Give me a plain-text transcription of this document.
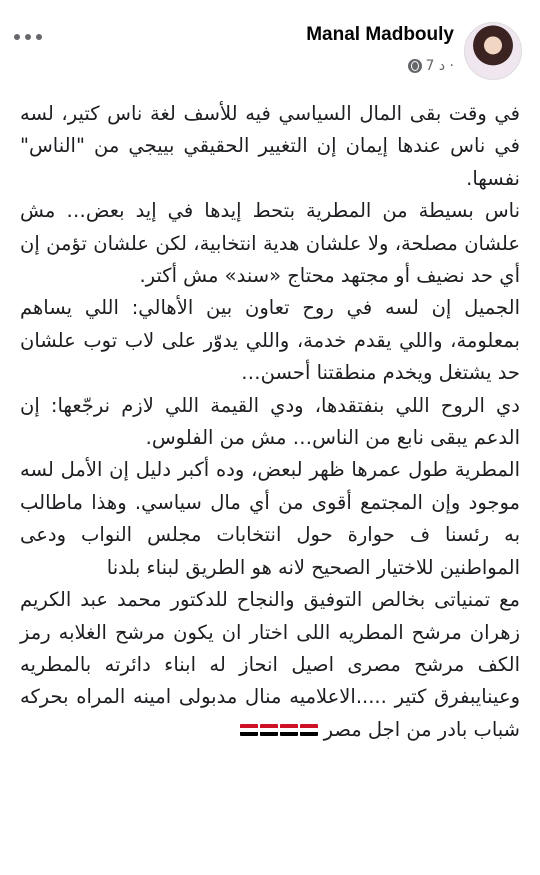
Manal Madbouly
7 د ·

في وقت بقى المال السياسي فيه للأسف لغة ناس كتير، لسه في ناس عندها إيمان إن التغيير الحقيقي بييجي من "الناس" نفسها.

ناس بسيطة من المطرية بتحط إيدها في إيد بعض… مش علشان مصلحة، ولا علشان هدية انتخابية، لكن علشان تؤمن إن أي حد نضيف أو مجتهد محتاج «سند» مش أكتر.

الجميل إن لسه في روح تعاون بين الأهالي: اللي يساهم بمعلومة، واللي يقدم خدمة، واللي يدوّر على لاب توب علشان حد يشتغل ويخدم منطقتنا أحسن…

دي الروح اللي بنفتقدها، ودي القيمة اللي لازم نرجّعها: إن الدعم يبقى نابع من الناس… مش من الفلوس.

المطرية طول عمرها ظهر لبعض، وده أكبر دليل إن الأمل لسه موجود وإن المجتمع أقوى من أي مال سياسي. وهذا ماطالب به رئسنا ف حوارة حول انتخابات مجلس النواب ودعى المواطنين للاختيار الصحيح لانه هو الطريق لبناء بلدنا

مع تمنياتى بخالص التوفيق والنجاح للدكتور محمد عبد الكريم زهران مرشح المطريه اللى اختار ان يكون مرشح الغلابه رمز الكف مرشح مصرى اصيل انحاز له ابناء دائرته بالمطريه وعينايبفرق كتير .....الاعلاميه منال مدبولى امينه المراه بحركه شباب بادر من اجل مصر
